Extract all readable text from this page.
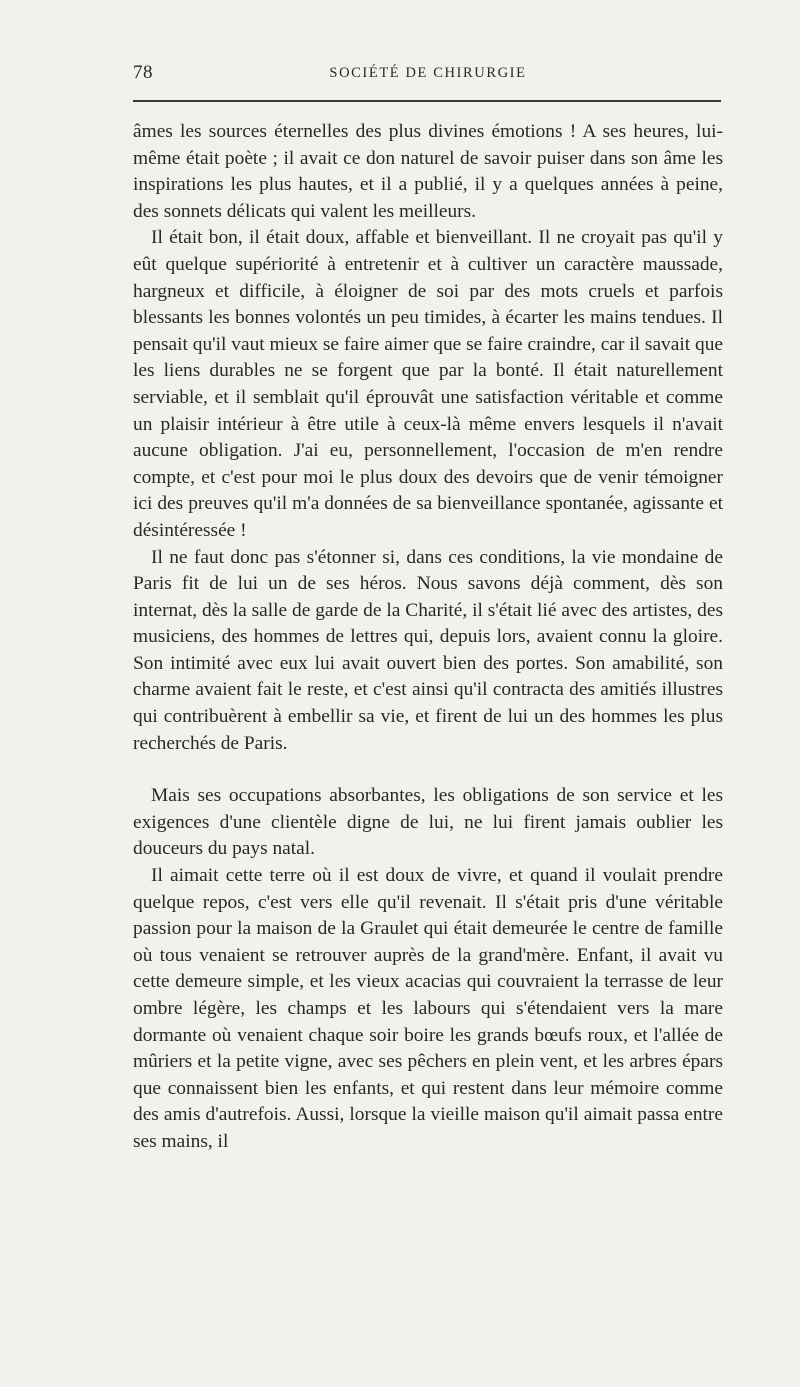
78	SOCIÉTÉ DE CHIRURGIE

âmes les sources éternelles des plus divines émotions ! A ses heures, lui-même était poète ; il avait ce don naturel de savoir puiser dans son âme les inspirations les plus hautes, et il a publié, il y a quelques années à peine, des sonnets délicats qui valent les meilleurs.

Il était bon, il était doux, affable et bienveillant. Il ne croyait pas qu'il y eût quelque supériorité à entretenir et à cultiver un caractère maussade, hargneux et difficile, à éloigner de soi par des mots cruels et parfois blessants les bonnes volontés un peu timides, à écarter les mains tendues. Il pensait qu'il vaut mieux se faire aimer que se faire craindre, car il savait que les liens durables ne se forgent que par la bonté. Il était naturellement serviable, et il semblait qu'il éprouvât une satisfaction véritable et comme un plaisir intérieur à être utile à ceux-là même envers lesquels il n'avait aucune obligation. J'ai eu, personnellement, l'occasion de m'en rendre compte, et c'est pour moi le plus doux des devoirs que de venir témoigner ici des preuves qu'il m'a données de sa bienveillance spontanée, agissante et désintéressée !

Il ne faut donc pas s'étonner si, dans ces conditions, la vie mondaine de Paris fit de lui un de ses héros. Nous savons déjà comment, dès son internat, dès la salle de garde de la Charité, il s'était lié avec des artistes, des musiciens, des hommes de lettres qui, depuis lors, avaient connu la gloire. Son intimité avec eux lui avait ouvert bien des portes. Son amabilité, son charme avaient fait le reste, et c'est ainsi qu'il contracta des amitiés illustres qui contribuèrent à embellir sa vie, et firent de lui un des hommes les plus recherchés de Paris.

Mais ses occupations absorbantes, les obligations de son service et les exigences d'une clientèle digne de lui, ne lui firent jamais oublier les douceurs du pays natal.

Il aimait cette terre où il est doux de vivre, et quand il voulait prendre quelque repos, c'est vers elle qu'il revenait. Il s'était pris d'une véritable passion pour la maison de la Graulet qui était demeurée le centre de famille où tous venaient se retrouver auprès de la grand'mère. Enfant, il avait vu cette demeure simple, et les vieux acacias qui couvraient la terrasse de leur ombre légère, les champs et les labours qui s'étendaient vers la mare dormante où venaient chaque soir boire les grands bœufs roux, et l'allée de mûriers et la petite vigne, avec ses pêchers en plein vent, et les arbres épars que connaissent bien les enfants, et qui restent dans leur mémoire comme des amis d'autrefois. Aussi, lorsque la vieille maison qu'il aimait passa entre ses mains, il
